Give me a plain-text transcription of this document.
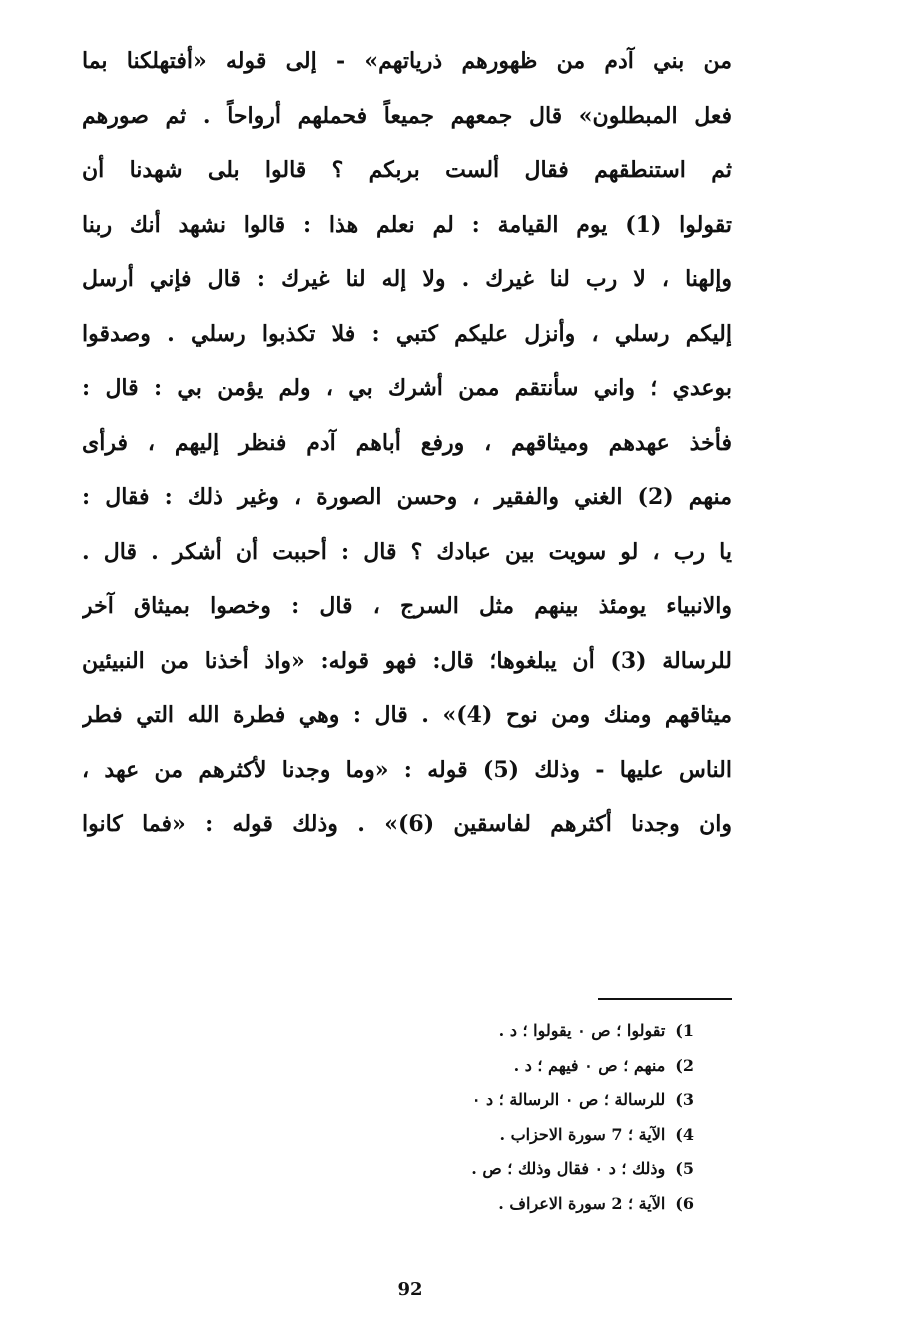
من بني آدم من ظهورهم ذرياتهم» - إلى قوله «أفتهلكنا بما
فعل المبطلون» قال جمعهم جميعاً فحملهم أرواحاً . ثم صورهم
ثم استنطقهم فقال ألست بربكم ؟ قالوا بلى شهدنا أن
تقولوا (1) يوم القيامة : لم نعلم هذا : قالوا نشهد أنك ربنا
وإلهنا ، لا رب لنا غيرك . ولا إله لنا غيرك : قال فإني أرسل
إليكم رسلي ، وأنزل عليكم كتبي : فلا تكذبوا رسلي . وصدقوا
بوعدي ؛ واني سأنتقم ممن أشرك بي ، ولم يؤمن بي : قال :
فأخذ عهدهم وميثاقهم ، ورفع أباهم آدم فنظر إليهم ، فرأى
منهم (2) الغني والفقير ، وحسن الصورة ، وغير ذلك : فقال :
يا رب ، لو سويت بين عبادك ؟ قال : أحببت أن أشكر . قال .
والانبياء يومئذ بينهم مثل السرج ، قال : وخصوا بميثاق آخر
للرسالة (3) أن يبلغوها؛ قال: فهو قوله: «واذ أخذنا من النبيئين
ميثاقهم ومنك ومن نوح (4)» . قال : وهي فطرة الله التي فطر
الناس عليها - وذلك (5) قوله : «وما وجدنا لأكثرهم من عهد ،
وان وجدنا أكثرهم لفاسقين (6)» . وذلك قوله : «فما كانوا
1)تقولوا ؛ ص ٠ يقولوا ؛ د .
2)منهم ؛ ص ٠ فيهم ؛ د .
3)للرسالة ؛ ص ٠ الرسالة ؛ د ٠
4)الآية ؛ 7 سورة الاحزاب .
5)وذلك ؛ د ٠ فقال وذلك ؛ ص .
6)الآية ؛ 2 سورة الاعراف .
92
